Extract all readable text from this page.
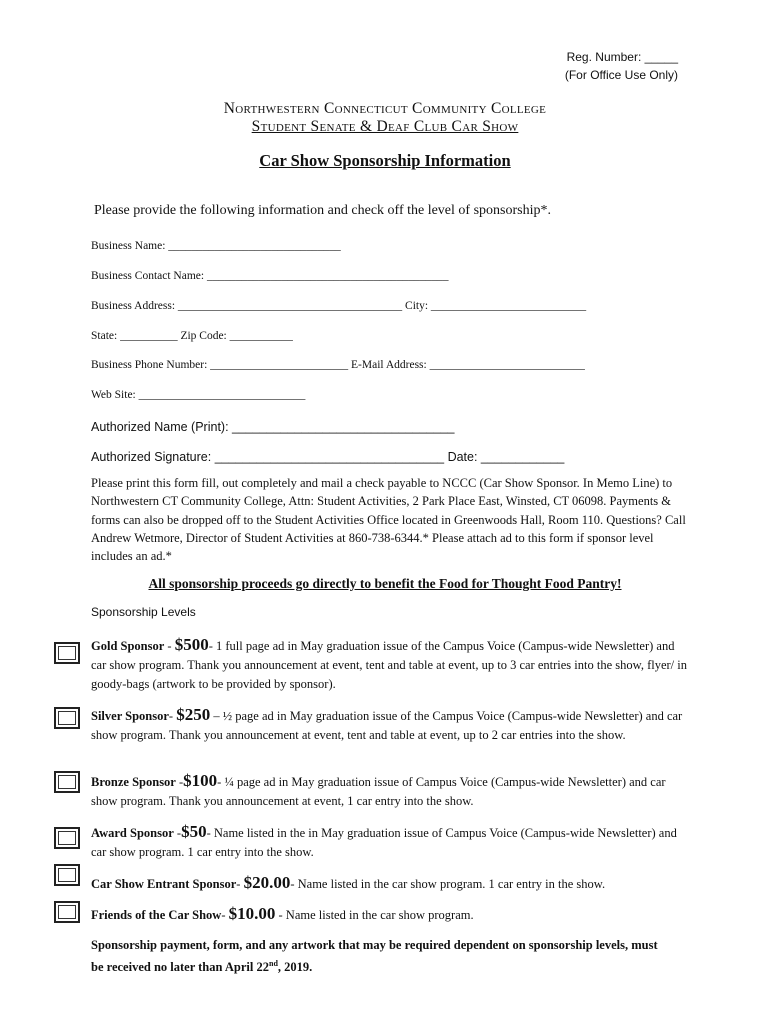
Reg. Number: _____
(For Office Use Only)
Northwestern Connecticut Community College
Student Senate & Deaf Club Car Show
Car Show Sponsorship Information
Please provide the following information and check off the level of sponsorship*.
Business Name: ______________________________
Business Contact Name: __________________________________________
Business Address: _______________________________________ City: ___________________________
State: __________ Zip Code: ___________
Business Phone Number: ________________________ E-Mail Address: ___________________________
Web Site: _____________________________
Authorized Name (Print): ________________________________
Authorized Signature: _________________________________ Date: ____________
Please print this form fill, out completely and mail a check payable to NCCC (Car Show Sponsor. In Memo Line) to Northwestern CT Community College, Attn: Student Activities, 2 Park Place East, Winsted, CT 06098. Payments & forms can also be dropped off to the Student Activities Office located in Greenwoods Hall, Room 110. Questions? Call Andrew Wetmore, Director of Student Activities at 860-738-6344.* Please attach ad to this form if sponsor level includes an ad.*
All sponsorship proceeds go directly to benefit the Food for Thought Food Pantry!
Sponsorship Levels
Gold Sponsor - $500- 1 full page ad in May graduation issue of the Campus Voice (Campus-wide Newsletter) and car show program. Thank you announcement at event, tent and table at event, up to 3 car entries into the show, flyer/ in goody-bags (artwork to be provided by sponsor).
Silver Sponsor- $250 – ½ page ad in May graduation issue of the Campus Voice (Campus-wide Newsletter) and car show program. Thank you announcement at event, tent and table at event, up to 2 car entries into the show.
Bronze Sponsor -$100- ¼ page ad in May graduation issue of Campus Voice (Campus-wide Newsletter) and car show program. Thank you announcement at event, 1 car entry into the show.
Award Sponsor -$50- Name listed in the in May graduation issue of Campus Voice (Campus-wide Newsletter) and car show program. 1 car entry into the show.
Car Show Entrant Sponsor- $20.00- Name listed in the car show program. 1 car entry in the show.
Friends of the Car Show- $10.00 - Name listed in the car show program.
Sponsorship payment, form, and any artwork that may be required dependent on sponsorship levels, must be received no later than April 22nd, 2019.
